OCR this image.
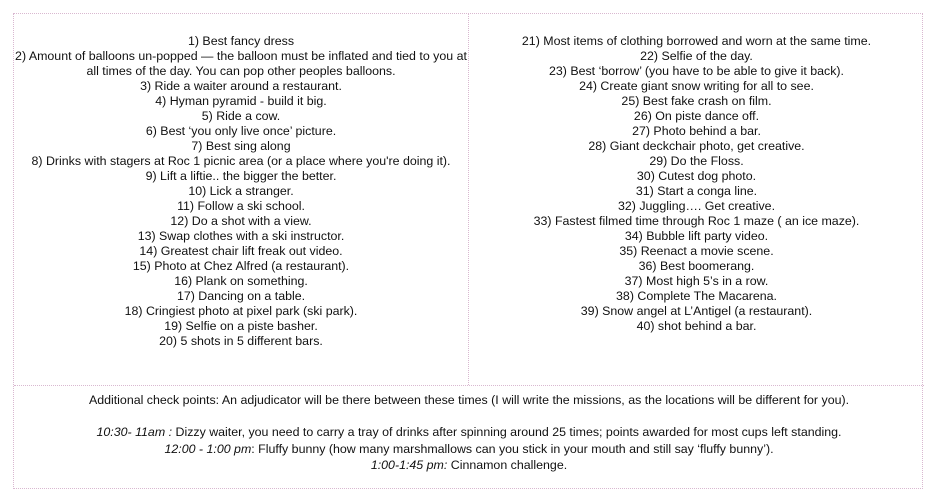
1) Best fancy dress
2) Amount of balloons un-popped — the balloon must be inflated and tied to you at all times of the day. You can pop other peoples balloons.
3) Ride a waiter around a restaurant.
4) Hyman pyramid - build it big.
5) Ride a cow.
6) Best ‘you only live once’ picture.
7) Best sing along
8) Drinks with stagers at Roc 1 picnic area (or a place where you're doing it).
9) Lift a liftie.. the bigger the better.
10) Lick a stranger.
11) Follow a ski school.
12) Do a shot with a view.
13) Swap clothes with a ski instructor.
14) Greatest chair lift freak out video.
15) Photo at Chez Alfred (a restaurant).
16) Plank on something.
17) Dancing on a table.
18) Cringiest photo at pixel park (ski park).
19) Selfie on a piste basher.
20) 5 shots in 5 different bars.
21) Most items of clothing borrowed and worn at the same time.
22) Selfie of the day.
23) Best ‘borrow’ (you have to be able to give it back).
24) Create giant snow writing for all to see.
25) Best fake crash on film.
26) On piste dance off.
27) Photo behind a bar.
28) Giant deckchair photo, get creative.
29) Do the Floss.
30) Cutest dog photo.
31) Start a conga line.
32) Juggling…. Get creative.
33) Fastest filmed time through Roc 1 maze ( an ice maze).
34) Bubble lift party video.
35) Reenact a movie scene.
36) Best boomerang.
37) Most high 5’s in a row.
38) Complete The Macarena.
39) Snow angel at L’Antigel (a restaurant).
40) shot behind a bar.
Additional check points: An adjudicator will be there between these times (I will write the missions, as the locations will be different for you).
10:30- 11am : Dizzy waiter, you need to carry a tray of drinks after spinning around 25 times; points awarded for most cups left standing.
12:00 - 1:00 pm: Fluffy bunny (how many marshmallows can you stick in your mouth and still say ‘fluffy bunny’).
1:00-1:45 pm: Cinnamon challenge.
